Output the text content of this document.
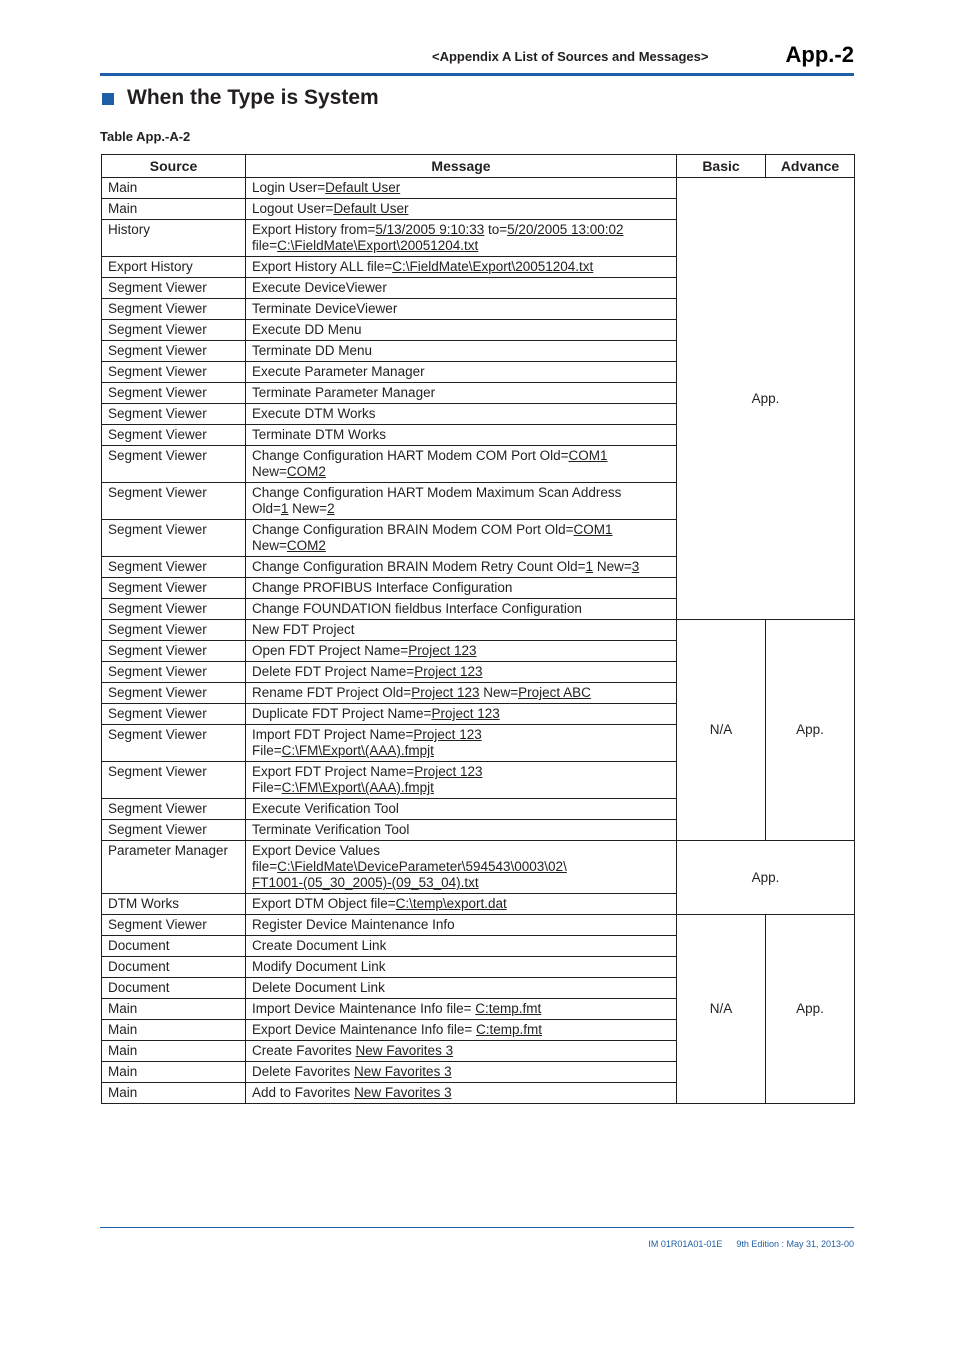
<Appendix A List of Sources and Messages>	App.-2
When the Type is System
Table App.-A-2
Source	Message	Basic	Advance
Main	Login User=Default User	App.	
Main	Logout User=Default User		
History	Export History from=5/13/2005 9:10:33 to=5/20/2005 13:00:02
file=C:\FieldMate\Export\20051204.txt		
Export History	Export History ALL file=C:\FieldMate\Export\20051204.txt		
Segment Viewer	Execute DeviceViewer		
Segment Viewer	Terminate DeviceViewer		
Segment Viewer	Execute DD Menu		
Segment Viewer	Terminate DD Menu		
Segment Viewer	Execute Parameter Manager		
Segment Viewer	Terminate Parameter Manager		
Segment Viewer	Execute DTM Works		
Segment Viewer	Terminate DTM Works		
Segment Viewer	Change Configuration HART Modem COM Port Old=COM1
New=COM2		
Segment Viewer	Change Configuration HART Modem Maximum Scan Address
Old=1 New=2		
Segment Viewer	Change Configuration BRAIN Modem COM Port Old=COM1
New=COM2		
Segment Viewer	Change Configuration BRAIN Modem Retry Count Old=1 New=3		
Segment Viewer	Change PROFIBUS Interface Configuration		
Segment Viewer	Change FOUNDATION fieldbus Interface Configuration		
Segment Viewer	New FDT Project	N/A	App.
Segment Viewer	Open FDT Project Name=Project 123		
Segment Viewer	Delete FDT Project Name=Project 123		
Segment Viewer	Rename FDT Project Old=Project 123 New=Project ABC		
Segment Viewer	Duplicate FDT Project Name=Project 123		
Segment Viewer	Import FDT Project Name=Project 123
File=C:\FM\Export\(AAA).fmpjt		
Segment Viewer	Export FDT Project Name=Project 123
File=C:\FM\Export\(AAA).fmpjt		
Segment Viewer	Execute Verification Tool		
Segment Viewer	Terminate Verification Tool		
Parameter Manager	Export Device Values
file=C:\FieldMate\DeviceParameter\594543\0003\02\
FT1001-(05_30_2005)-(09_53_04).txt	App.	
DTM Works	Export DTM Object file=C:\temp\export.dat		
Segment Viewer	Register Device Maintenance Info	N/A	App.
Document	Create Document Link		
Document	Modify Document Link		
Document	Delete Document Link		
Main	Import Device Maintenance Info file= C:temp.fmt		
Main	Export Device Maintenance Info file= C:temp.fmt		
Main	Create Favorites New Favorites 3		
Main	Delete Favorites New Favorites 3		
Main	Add to Favorites New Favorites 3		
IM 01R01A01-01E 9th Edition : May 31, 2013-00
